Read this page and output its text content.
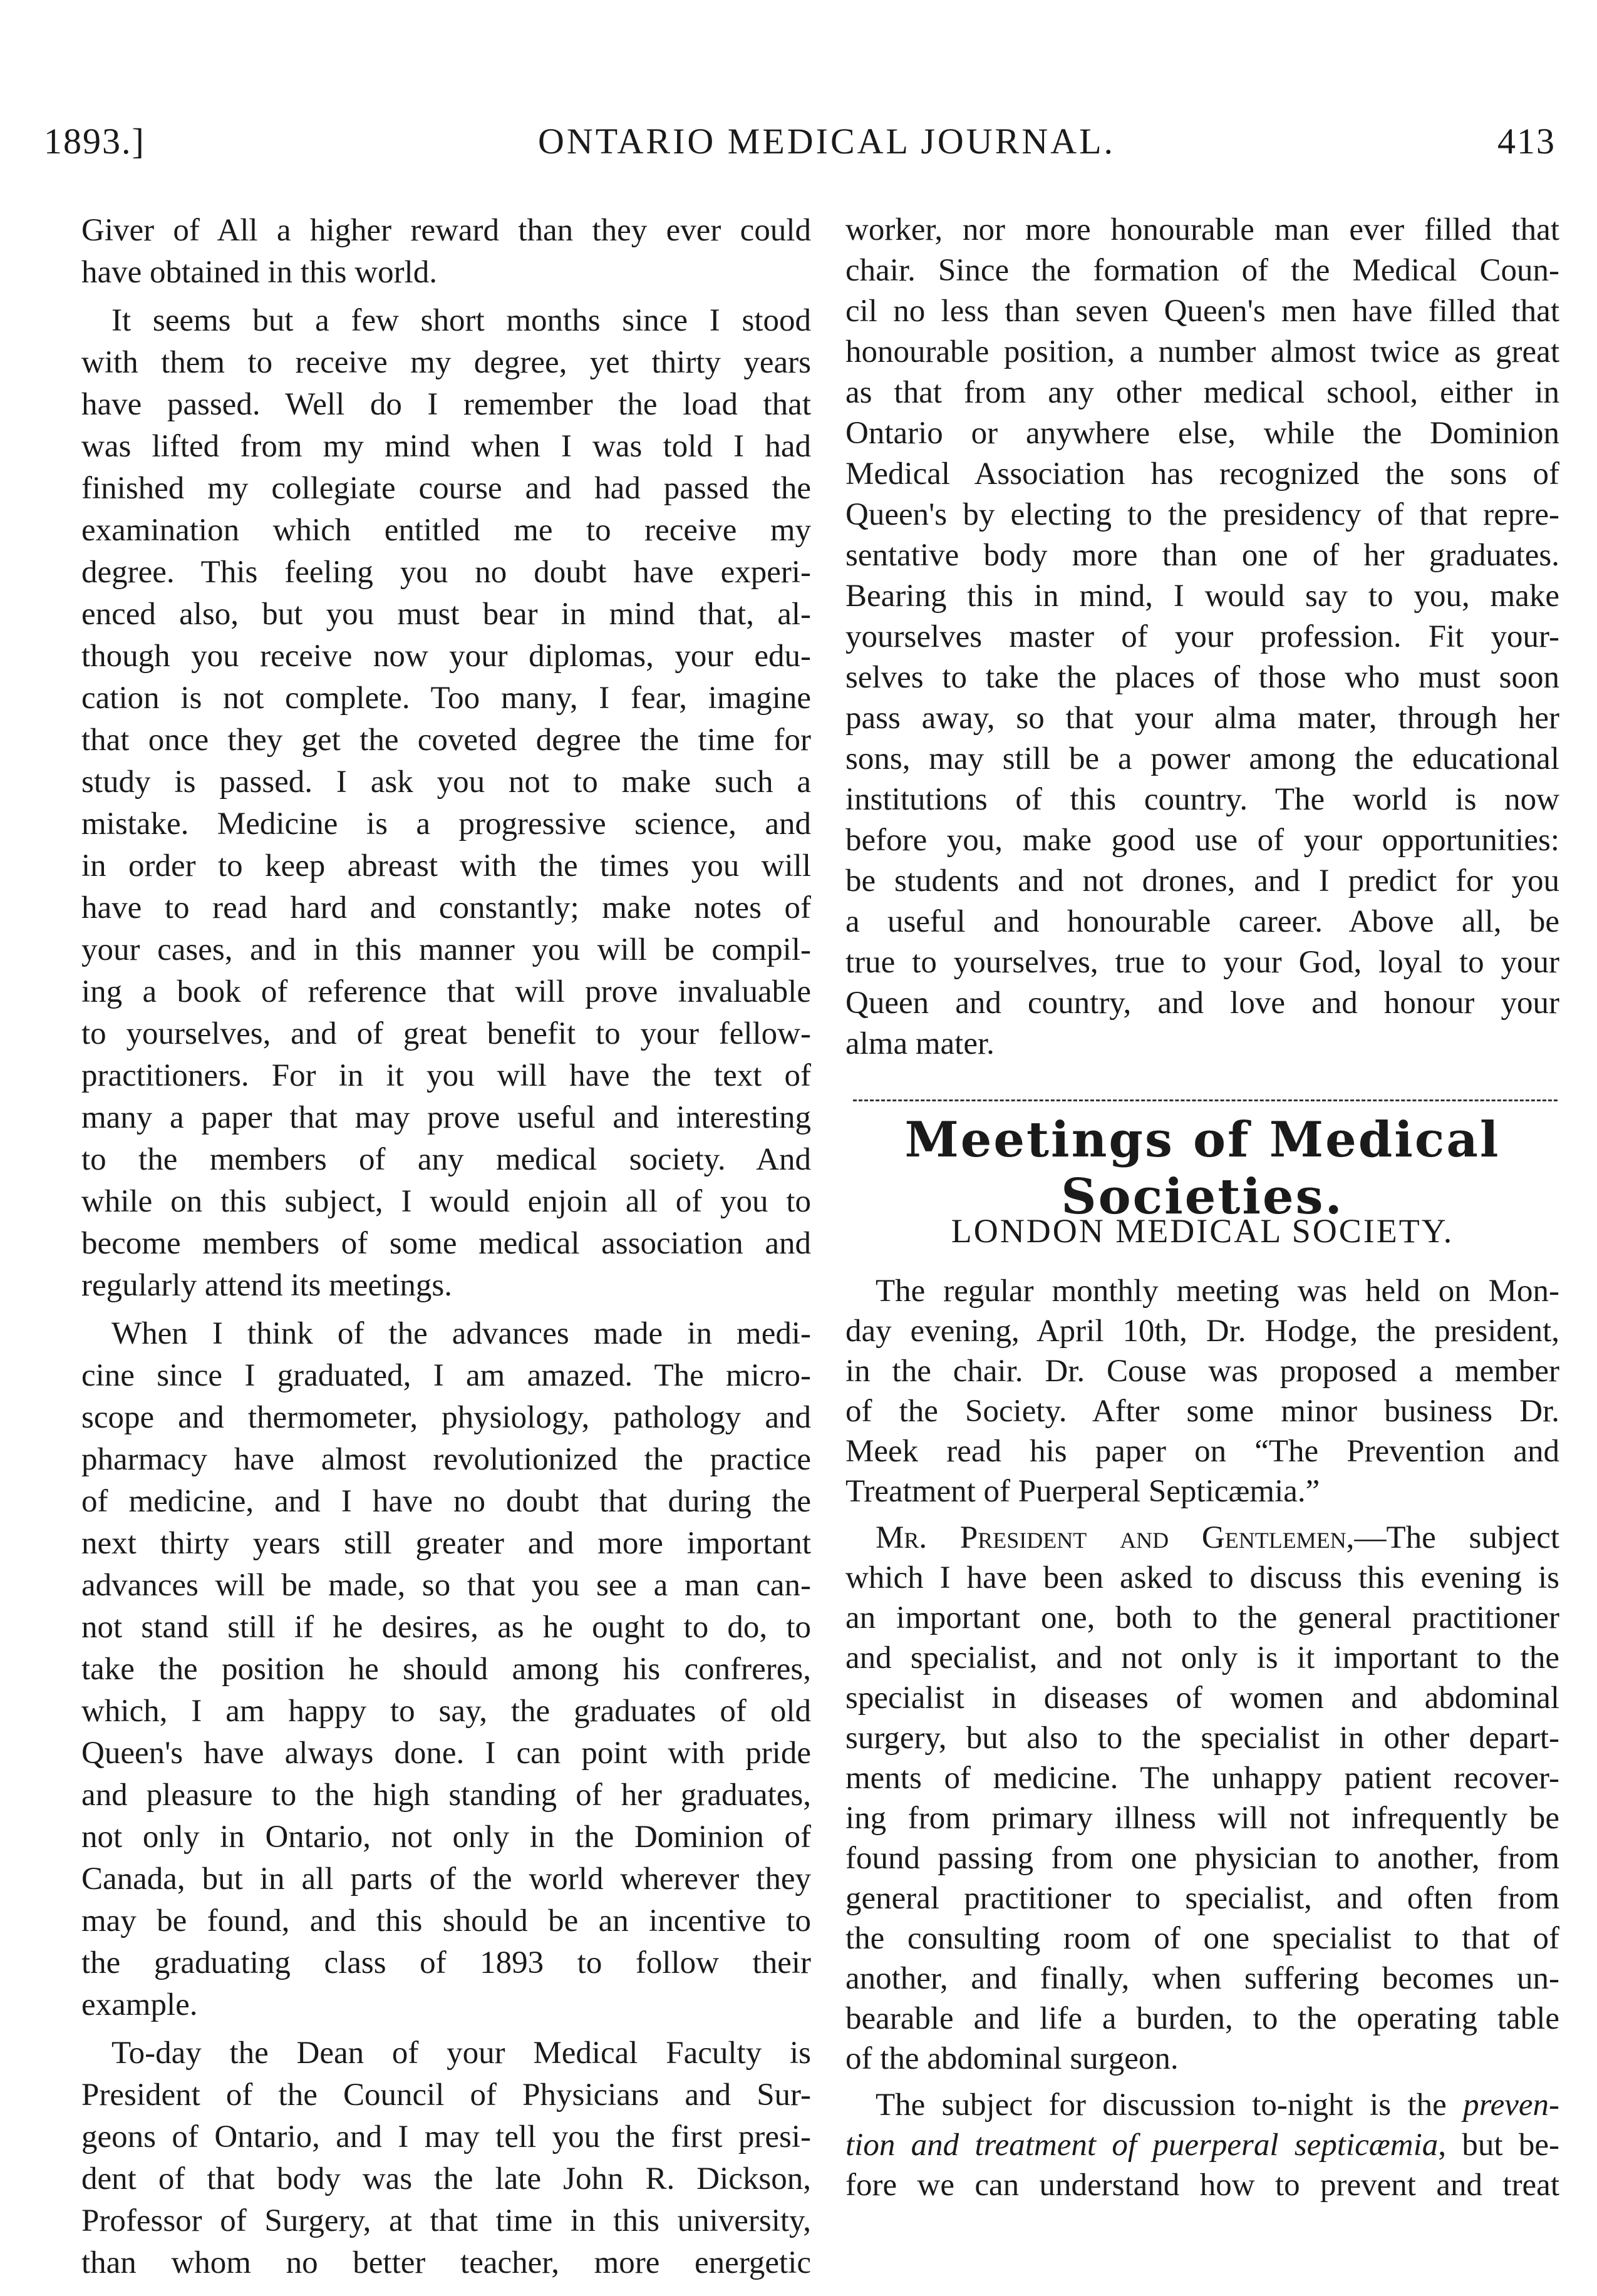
1893.]	ONTARIO MEDICAL JOURNAL.	413
Giver of All a higher reward than they ever could
have obtained in this world.
It seems but a few short months since I stood
with them to receive my degree, yet thirty years
have passed. Well do I remember the load that
was lifted from my mind when I was told I had
finished my collegiate course and had passed the
examination which entitled me to receive my
degree. This feeling you no doubt have experi-
enced also, but you must bear in mind that, al-
though you receive now your diplomas, your edu-
cation is not complete. Too many, I fear, imagine
that once they get the coveted degree the time for
study is passed. I ask you not to make such a
mistake. Medicine is a progressive science, and
in order to keep abreast with the times you will
have to read hard and constantly; make notes of
your cases, and in this manner you will be compil-
ing a book of reference that will prove invaluable
to yourselves, and of great benefit to your fellow-
practitioners. For in it you will have the text of
many a paper that may prove useful and interesting
to the members of any medical society. And
while on this subject, I would enjoin all of you to
become members of some medical association and
regularly attend its meetings.
When I think of the advances made in medi-
cine since I graduated, I am amazed. The micro-
scope and thermometer, physiology, pathology and
pharmacy have almost revolutionized the practice
of medicine, and I have no doubt that during the
next thirty years still greater and more important
advances will be made, so that you see a man can-
not stand still if he desires, as he ought to do, to
take the position he should among his confreres,
which, I am happy to say, the graduates of old
Queen's have always done. I can point with pride
and pleasure to the high standing of her graduates,
not only in Ontario, not only in the Dominion of
Canada, but in all parts of the world wherever they
may be found, and this should be an incentive to
the graduating class of 1893 to follow their
example.
To-day the Dean of your Medical Faculty is
President of the Council of Physicians and Sur-
geons of Ontario, and I may tell you the first presi-
dent of that body was the late John R. Dickson,
Professor of Surgery, at that time in this university,
than whom no better teacher, more energetic
worker, nor more honourable man ever filled that
chair. Since the formation of the Medical Coun-
cil no less than seven Queen's men have filled that
honourable position, a number almost twice as great
as that from any other medical school, either in
Ontario or anywhere else, while the Dominion
Medical Association has recognized the sons of
Queen's by electing to the presidency of that repre-
sentative body more than one of her graduates.
Bearing this in mind, I would say to you, make
yourselves master of your profession. Fit your-
selves to take the places of those who must soon
pass away, so that your alma mater, through her
sons, may still be a power among the educational
institutions of this country. The world is now
before you, make good use of your opportunities:
be students and not drones, and I predict for you
a useful and honourable career. Above all, be
true to yourselves, true to your God, loyal to your
Queen and country, and love and honour your
alma mater.
Meetings of Medical Societies.
LONDON MEDICAL SOCIETY.
The regular monthly meeting was held on Mon-
day evening, April 10th, Dr. Hodge, the president,
in the chair. Dr. Couse was proposed a member
of the Society. After some minor business Dr.
Meek read his paper on “The Prevention and
Treatment of Puerperal Septicæmia.”
Mr. President and Gentlemen,—The subject
which I have been asked to discuss this evening is
an important one, both to the general practitioner
and specialist, and not only is it important to the
specialist in diseases of women and abdominal
surgery, but also to the specialist in other depart-
ments of medicine. The unhappy patient recover-
ing from primary illness will not infrequently be
found passing from one physician to another, from
general practitioner to specialist, and often from
the consulting room of one specialist to that of
another, and finally, when suffering becomes un-
bearable and life a burden, to the operating table
of the abdominal surgeon.
The subject for discussion to-night is the preven-
tion and treatment of puerperal septicæmia, but be-
fore we can understand how to prevent and treat
